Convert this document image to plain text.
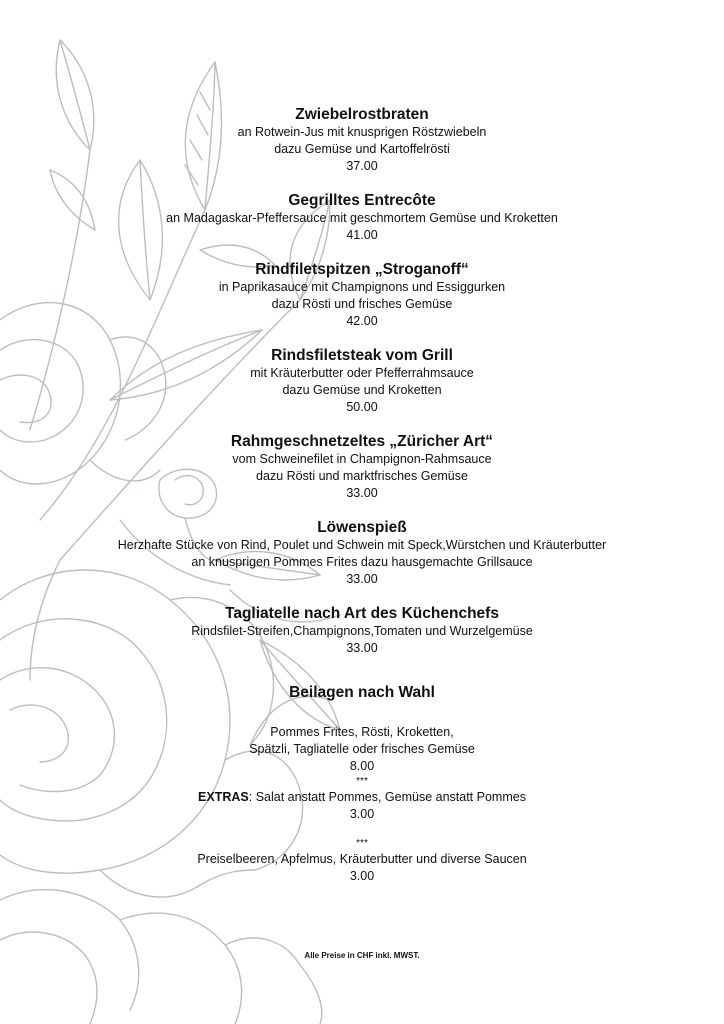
Zwiebelrostbraten

an Rotwein-Jus mit knusprigen Röstzwiebeln

dazu Gemüse und Kartoffelrösti

37.00

Gegrilltes Entrecôte

an Madagaskar-Pfeffersauce mit geschmortem Gemüse und Kroketten

41.00

Rindfiletspitzen „Stroganoff“

in Paprikasauce mit Champignons und Essiggurken

dazu Rösti und frisches Gemüse

42.00

Rindsfiletsteak vom Grill

mit Kräuterbutter oder Pfefferrahmsauce

dazu Gemüse und Kroketten

50.00

Rahmgeschnetzeltes „Züricher Art“

vom Schweinefilet in Champignon-Rahmsauce

dazu Rösti und marktfrisches Gemüse

33.00

Löwenspieß

Herzhafte Stücke von Rind, Poulet und Schwein mit Speck,Würstchen und Kräuterbutter

an knusprigen Pommes Frites dazu hausgemachte Grillsauce

33.00

Tagliatelle nach Art des Küchenchefs

Rindsfilet-Streifen,Champignons,Tomaten und Wurzelgemüse

33.00

Beilagen nach Wahl

Pommes Frites, Rösti, Kroketten,

Spätzli, Tagliatelle oder frisches Gemüse

8.00

***

EXTRAS: Salat anstatt Pommes, Gemüse anstatt Pommes

3.00

***

Preiselbeeren, Apfelmus, Kräuterbutter und diverse Saucen

3.00

Alle Preise in CHF inkl. MWST.
